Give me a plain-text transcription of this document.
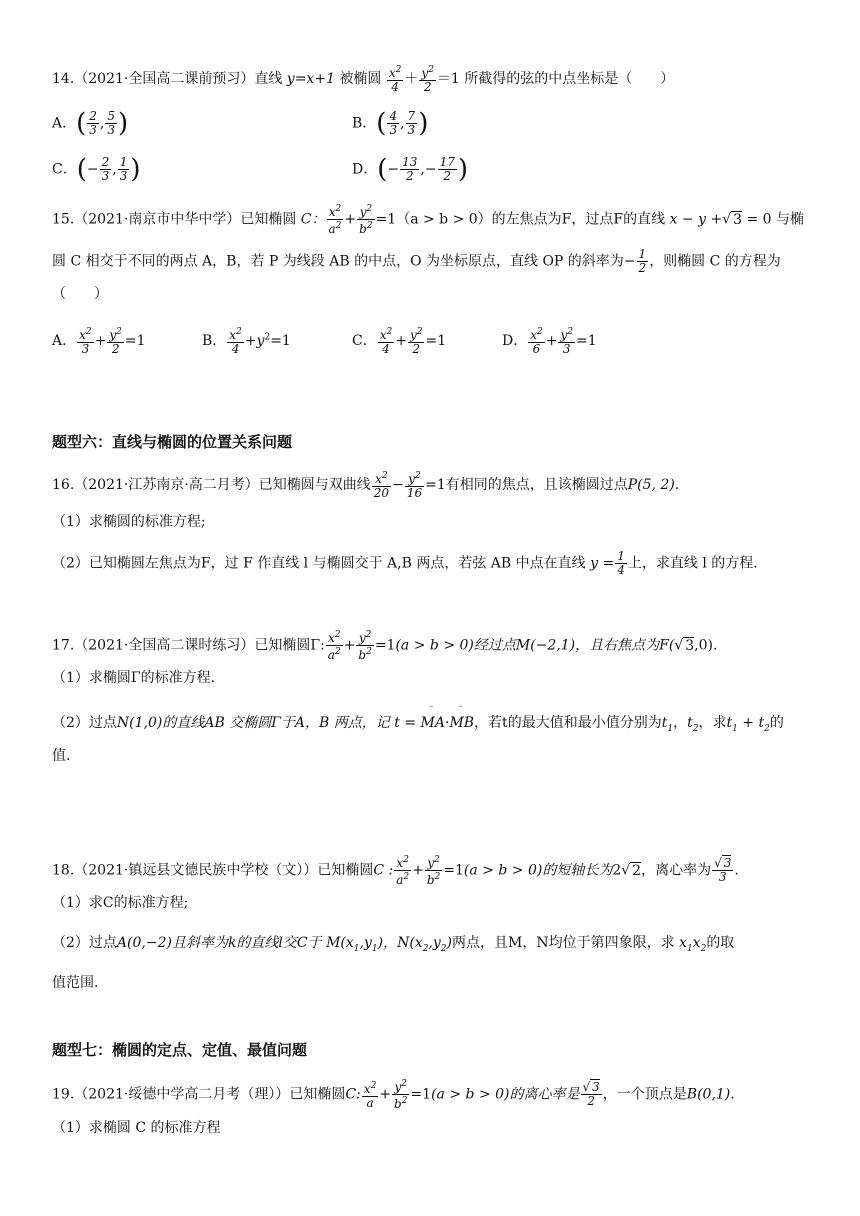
14.（2021·全国高二课前预习）直线 y=x+1 被椭圆 $\frac{x^2}{4} + \frac{y^2}{2} =1$ 所截得的弦的中点坐标是（　　）
A．( $\frac{2}{3}$ , $\frac{5}{3}$ )	B．( $\frac{4}{3}$ , $\frac{7}{3}$ )
C．(− $\frac{2}{3}$ , $\frac{1}{3}$ )	D．(− $\frac{13}{2}$ ,− $\frac{17}{2}$ )
15.（2021·南京市中华中学）已知椭圆 C： $\frac{x^2}{a^2} + \frac{y^2}{b^2} =1(a > b > 0)$的左焦点为F，过点F的直线 x − y +√ 3 = 0 与椭
圆 C 相交于不同的两点 A，B，若 P 为线段 AB 的中点，O 为坐标原点，直线 OP 的斜率为− $\frac{1}{2}$ ，则椭圆 C 的方程为
（　　）
A． $\frac{x^2}{3} + \frac{y^2}{2} =1$	B． $\frac{x^2}{4} +y^2=1$	C． $\frac{x^2}{4} + \frac{y^2}{2} =1$	D． $\frac{x^2}{6} + \frac{y^2}{3} =1$
题型六：直线与椭圆的位置关系问题
16.（2021·江苏南京·高二月考）已知椭圆与双曲线 $\frac{x^2}{20} - \frac{y^2}{16} =1$有相同的焦点，且该椭圆过点P(5, 2).
（1）求椭圆的标准方程;
（2）已知椭圆左焦点为F，过 F 作直线 l 与椭圆交于 A,B 两点，若弦 AB 中点在直线 $y = \frac{1}{4}$ 上，求直线 l 的方程.
17.（2021·全国高二课时练习）已知椭圆Γ: $\frac{x^2}{a^2} + \frac{y^2}{b^2} =1(a > b > 0)$经过点M(−2,1)，且右焦点为F(√ 3,0).
（1）求椭圆Γ的标准方程.
（2）过点N(1,0)的直线AB 交椭圆Γ于A，B 两点，记 t =
MA·
MB，若t的最大值和最小值分别为$t_1$，$t_2$，求$t_1 + t_2$的
值.
18.（2021·镇远县文德民族中学校（文））已知椭圆C : $\frac{x^2}{a^2} + \frac{y^2}{b^2} =1(a > b > 0)$的短轴长为2√ 2，离心率为 $\frac{√ 3}{3}$ .
（1）求C的标准方程;
（2）过点A(0,−2)且斜率为k的直线l交C于 $M(x_1,y_1)$，$N(x_2,y_2)$两点，且M，N均位于第四象限，求 $x_1x_2$的取
值范围.
题型七：椭圆的定点、定值、最值问题
19.（2021·绥德中学高二月考（理））已知椭圆C: $\frac{x^2}{a} + \frac{y^2}{b^2} =1(a > b > 0)$的离心率是 $\frac{√ 3}{2}$ ，一个顶点是B(0,1).
（1）求椭圆 C 的标准方程
